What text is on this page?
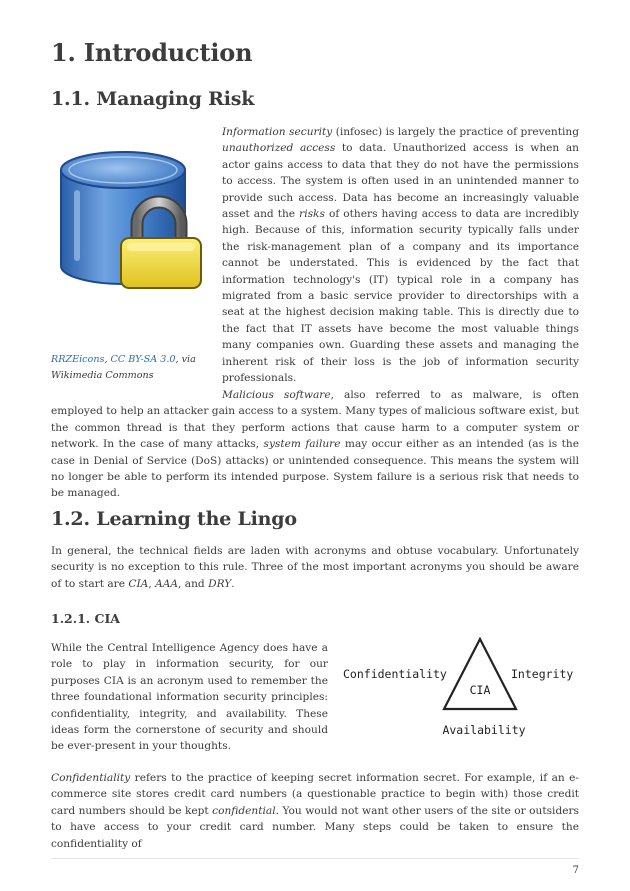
1. Introduction
1.1. Managing Risk

RRZEicons, CC BY-SA 3.0, via Wikimedia Commons

Information security (infosec) is largely the practice of preventing unauthorized access to data. Unauthorized access is when an actor gains access to data that they do not have the permissions to access. The system is often used in an unintended manner to provide such access. Data has become an increasingly valuable asset and the risks of others having access to data are incredibly high. Because of this, information security typically falls under the risk-management plan of a company and its importance cannot be understated. This is evidenced by the fact that information technology's (IT) typical role in a company has migrated from a basic service provider to directorships with a seat at the highest decision making table. This is directly due to the fact that IT assets have become the most valuable things many companies own. Guarding these assets and managing the inherent risk of their loss is the job of information security professionals.

Malicious software, also referred to as malware, is often employed to help an attacker gain access to a system. Many types of malicious software exist, but the common thread is that they perform actions that cause harm to a computer system or network. In the case of many attacks, system failure may occur either as an intended (as is the case in Denial of Service (DoS) attacks) or unintended consequence. This means the system will no longer be able to perform its intended purpose. System failure is a serious risk that needs to be managed.

1.2. Learning the Lingo

In general, the technical fields are laden with acronyms and obtuse vocabulary. Unfortunately security is no exception to this rule. Three of the most important acronyms you should be aware of to start are CIA, AAA, and DRY.

1.2.1. CIA

While the Central Intelligence Agency does have a role to play in information security, for our purposes CIA is an acronym used to remember the three foundational information security principles: confidentiality, integrity, and availability. These ideas form the cornerstone of security and should be ever-present in your thoughts.

Confidentiality	Integrity
CIA
Availability

Confidentiality refers to the practice of keeping secret information secret. For example, if an e-commerce site stores credit card numbers (a questionable practice to begin with) those credit card numbers should be kept confidential. You would not want other users of the site or outsiders to have access to your credit card number. Many steps could be taken to ensure the confidentiality of

7
